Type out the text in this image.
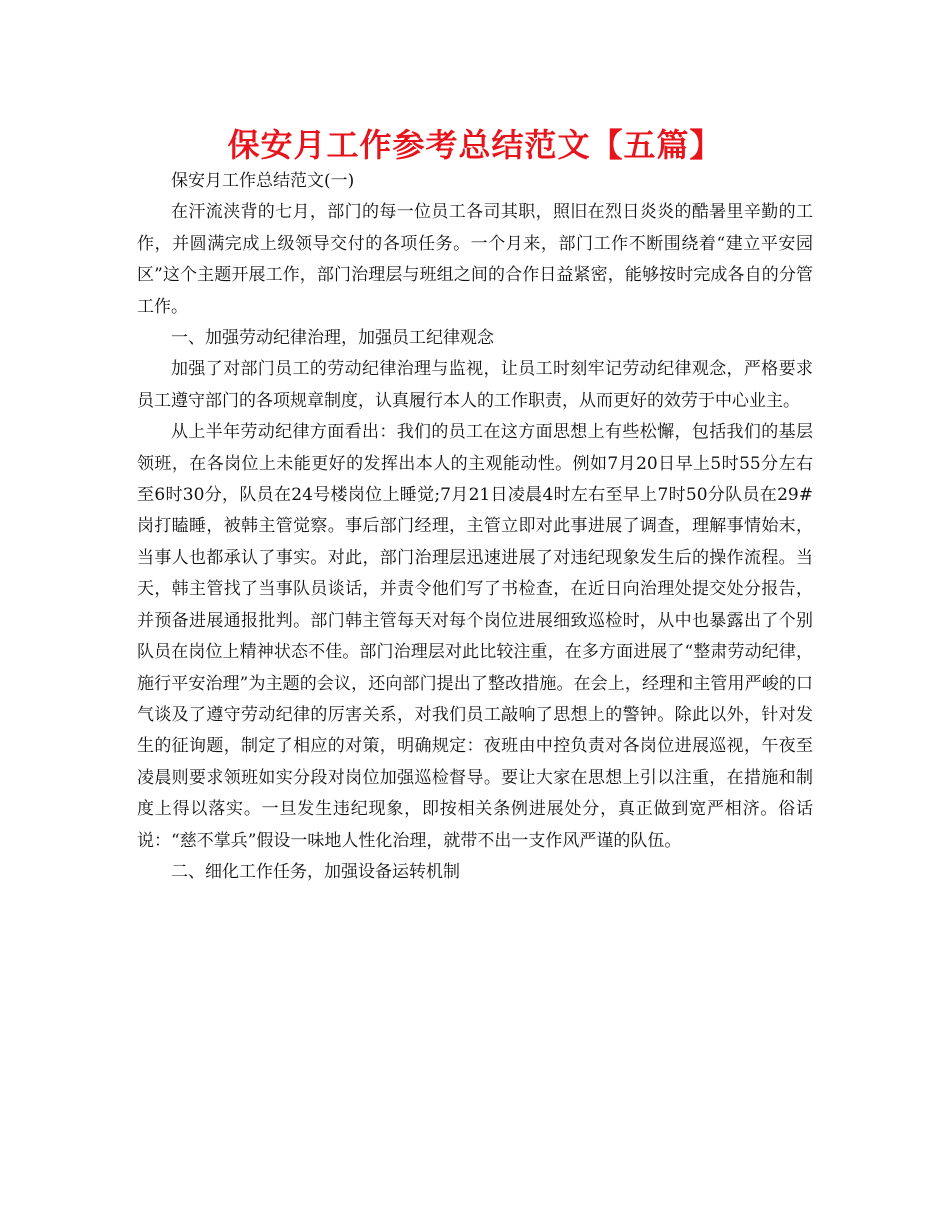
保安月工作参考总结范文【五篇】

保安月工作总结范文(一)

在汗流浃背的七月，部门的每一位员工各司其职，照旧在烈日炎炎的酷暑里辛勤的工作，并圆满完成上级领导交付的各项任务。一个月来，部门工作不断围绕着“建立平安园区”这个主题开展工作，部门治理层与班组之间的合作日益紧密，能够按时完成各自的分管工作。

一、加强劳动纪律治理，加强员工纪律观念

加强了对部门员工的劳动纪律治理与监视，让员工时刻牢记劳动纪律观念，严格要求员工遵守部门的各项规章制度，认真履行本人的工作职责，从而更好的效劳于中心业主。

从上半年劳动纪律方面看出：我们的员工在这方面思想上有些松懈，包括我们的基层领班，在各岗位上未能更好的发挥出本人的主观能动性。例如7月20日早上5时55分左右至6时30分，队员在24号楼岗位上睡觉;7月21日凌晨4时左右至早上7时50分队员在29#岗打瞌睡，被韩主管觉察。事后部门经理，主管立即对此事进展了调查，理解事情始末，当事人也都承认了事实。对此，部门治理层迅速进展了对违纪现象发生后的操作流程。当天，韩主管找了当事队员谈话，并责令他们写了书检查，在近日向治理处提交处分报告，并预备进展通报批判。部门韩主管每天对每个岗位进展细致巡检时，从中也暴露出了个别队员在岗位上精神状态不佳。部门治理层对此比较注重，在多方面进展了“整肃劳动纪律，施行平安治理”为主题的会议，还向部门提出了整改措施。在会上，经理和主管用严峻的口气谈及了遵守劳动纪律的厉害关系，对我们员工敲响了思想上的警钟。除此以外，针对发生的征询题，制定了相应的对策，明确规定：夜班由中控负责对各岗位进展巡视，午夜至凌晨则要求领班如实分段对岗位加强巡检督导。要让大家在思想上引以注重，在措施和制度上得以落实。一旦发生违纪现象，即按相关条例进展处分，真正做到宽严相济。俗话说：“慈不掌兵”假设一味地人性化治理，就带不出一支作风严谨的队伍。

二、细化工作任务，加强设备运转机制
